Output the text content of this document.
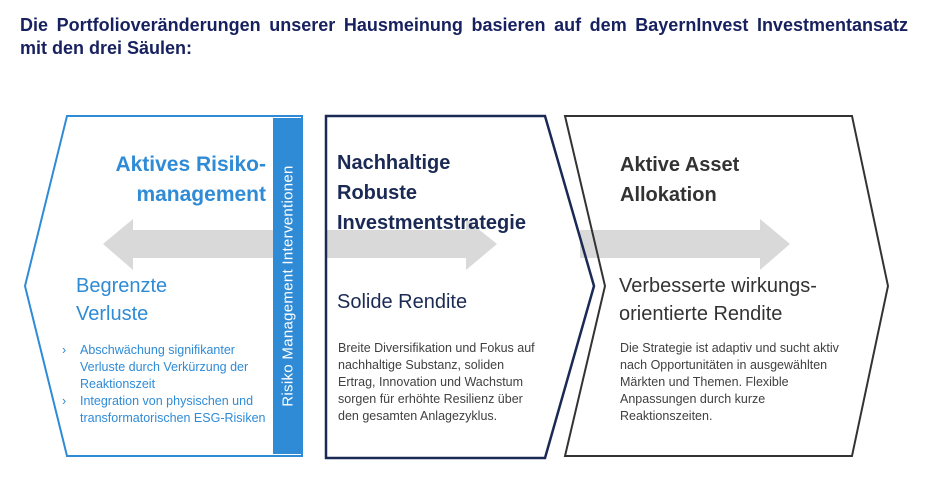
Die Portfolioveränderungen unserer Hausmeinung basieren auf dem BayernInvest Investmentansatz mit den drei Säulen:

Risiko Management Interventionen
Aktives Risiko-
management
Begrenzte
Verluste
› Abschwächung signifikanter Verluste durch Verkürzung der Reaktionszeit
› Integration von physischen und transformatorischen ESG-Risiken
Nachhaltige
Robuste
Investmentstrategie
Solide Rendite
Breite Diversifikation und Fokus auf nachhaltige Substanz, soliden Ertrag, Innovation und Wachstum sorgen für erhöhte Resilienz über den gesamten Anlagezyklus.
Aktive Asset
Allokation
Verbesserte wirkungs-
orientierte Rendite
Die Strategie ist adaptiv und sucht aktiv nach Opportunitäten in ausgewählten Märkten und Themen. Flexible Anpassungen durch kurze Reaktionszeiten.
